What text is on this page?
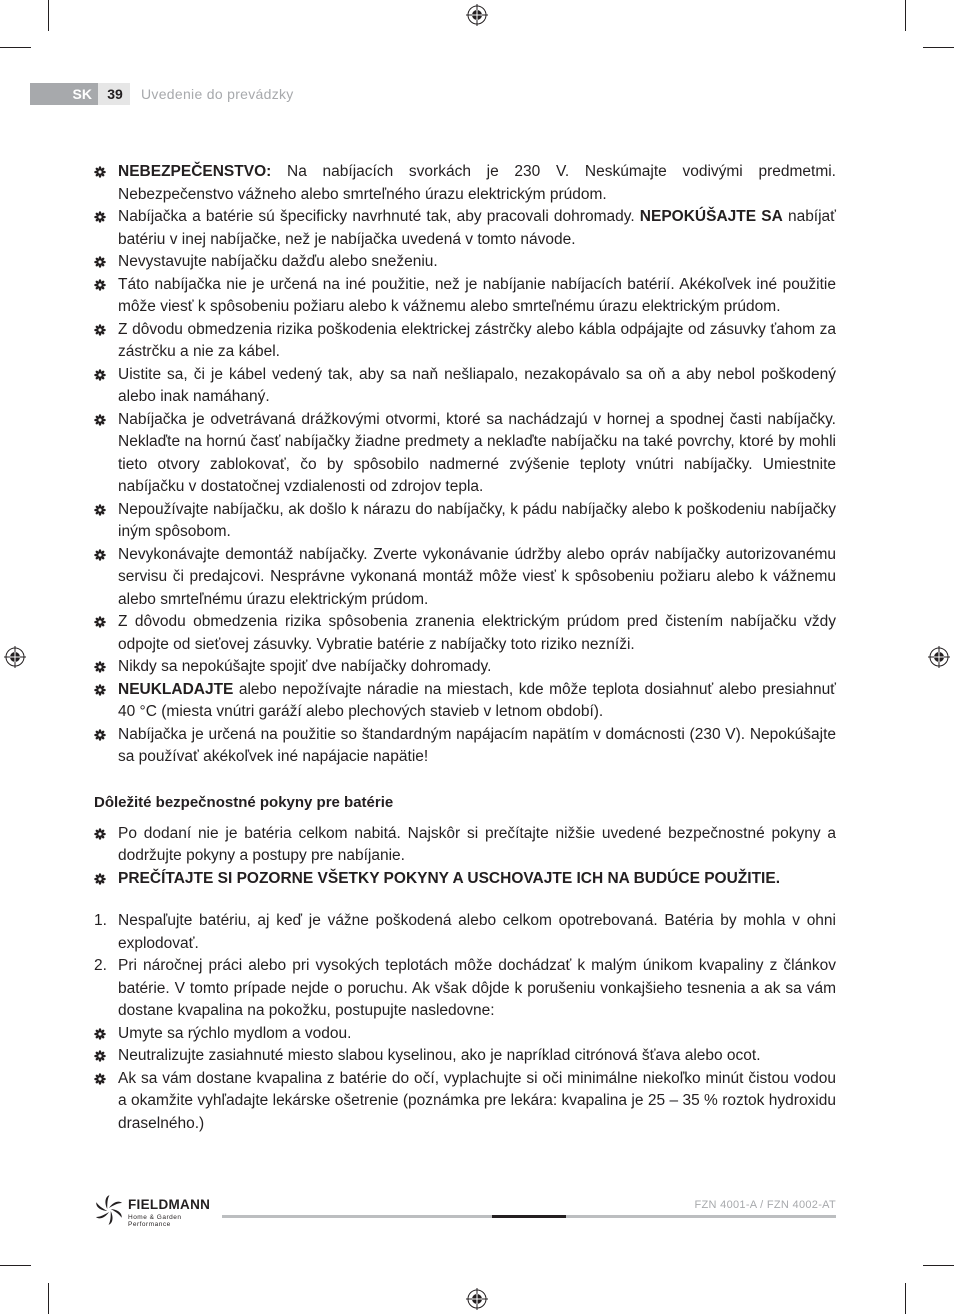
SK	39	Uvedenie do prevádzky
NEBEZPEČENSTVO: Na nabíjacích svorkách je 230 V. Neskúmajte vodivými predmetmi. Nebezpečenstvo vážneho alebo smrteľného úrazu elektrickým prúdom.
Nabíjačka a batérie sú špecificky navrhnuté tak, aby pracovali dohromady. NEPOKÚŠAJTE SA nabíjať batériu v inej nabíjačke, než je nabíjačka uvedená v tomto návode.
Nevystavujte nabíjačku dažďu alebo sneženiu.
Táto nabíjačka nie je určená na iné použitie, než je nabíjanie nabíjacích batérií. Akékoľvek iné použitie môže viesť k spôsobeniu požiaru alebo k vážnemu alebo smrteľnému úrazu elektrickým prúdom.
Z dôvodu obmedzenia rizika poškodenia elektrickej zástrčky alebo kábla odpájajte od zásuvky ťahom za zástrčku a nie za kábel.
Uistite sa, či je kábel vedený tak, aby sa naň nešliapalo, nezakopávalo sa oň a aby nebol poškodený alebo inak namáhaný.
Nabíjačka je odvetrávaná drážkovými otvormi, ktoré sa nachádzajú v hornej a spodnej časti nabíjačky. Neklaďte na hornú časť nabíjačky žiadne predmety a neklaďte nabíjačku na také povrchy, ktoré by mohli tieto otvory zablokovať, čo by spôsobilo nadmerné zvýšenie teploty vnútri nabíjačky. Umiestnite nabíjačku v dostatočnej vzdialenosti od zdrojov tepla.
Nepoužívajte nabíjačku, ak došlo k nárazu do nabíjačky, k pádu nabíjačky alebo k poškodeniu nabíjačky iným spôsobom.
Nevykonávajte demontáž nabíjačky. Zverte vykonávanie údržby alebo opráv nabíjačky autorizovanému servisu či predajcovi. Nesprávne vykonaná montáž môže viesť k spôsobeniu požiaru alebo k vážnemu alebo smrteľnému úrazu elektrickým prúdom.
Z dôvodu obmedzenia rizika spôsobenia zranenia elektrickým prúdom pred čistením nabíjačku vždy odpojte od sieťovej zásuvky. Vybratie batérie z nabíjačky toto riziko nezníži.
Nikdy sa nepokúšajte spojiť dve nabíjačky dohromady.
NEUKLADAJTE alebo nepožívajte náradie na miestach, kde môže teplota dosiahnuť alebo presiahnuť 40 °C (miesta vnútri garáží alebo plechových stavieb v letnom období).
Nabíjačka je určená na použitie so štandardným napájacím napätím v domácnosti (230 V). Nepokúšajte sa používať akékoľvek iné napájacie napätie!
Dôležité bezpečnostné pokyny pre batérie
Po dodaní nie je batéria celkom nabitá. Najskôr si prečítajte nižšie uvedené bezpečnostné pokyny a dodržujte pokyny a postupy pre nabíjanie.
PREČÍTAJTE SI POZORNE VŠETKY POKYNY A USCHOVAJTE ICH NA BUDÚCE POUŽITIE.
1. Nespaľujte batériu, aj keď je vážne poškodená alebo celkom opotrebovaná. Batéria by mohla v ohni explodovať.
2. Pri náročnej práci alebo pri vysokých teplotách môže dochádzať k malým únikom kvapaliny z článkov batérie. V tomto prípade nejde o poruchu. Ak však dôjde k porušeniu vonkajšieho tesnenia a ak sa vám dostane kvapalina na pokožku, postupujte nasledovne:
Umyte sa rýchlo mydlom a vodou.
Neutralizujte zasiahnuté miesto slabou kyselinou, ako je napríklad citrónová šťava alebo ocot.
Ak sa vám dostane kvapalina z batérie do očí, vyplachujte si oči minimálne niekoľko minút čistou vodou a okamžite vyhľadajte lekárske ošetrenie (poznámka pre lekára: kvapalina je 25 – 35 % roztok hydroxidu draselného.)
FIELDMANN
Home & Garden Performance
FZN 4001-A / FZN 4002-AT
